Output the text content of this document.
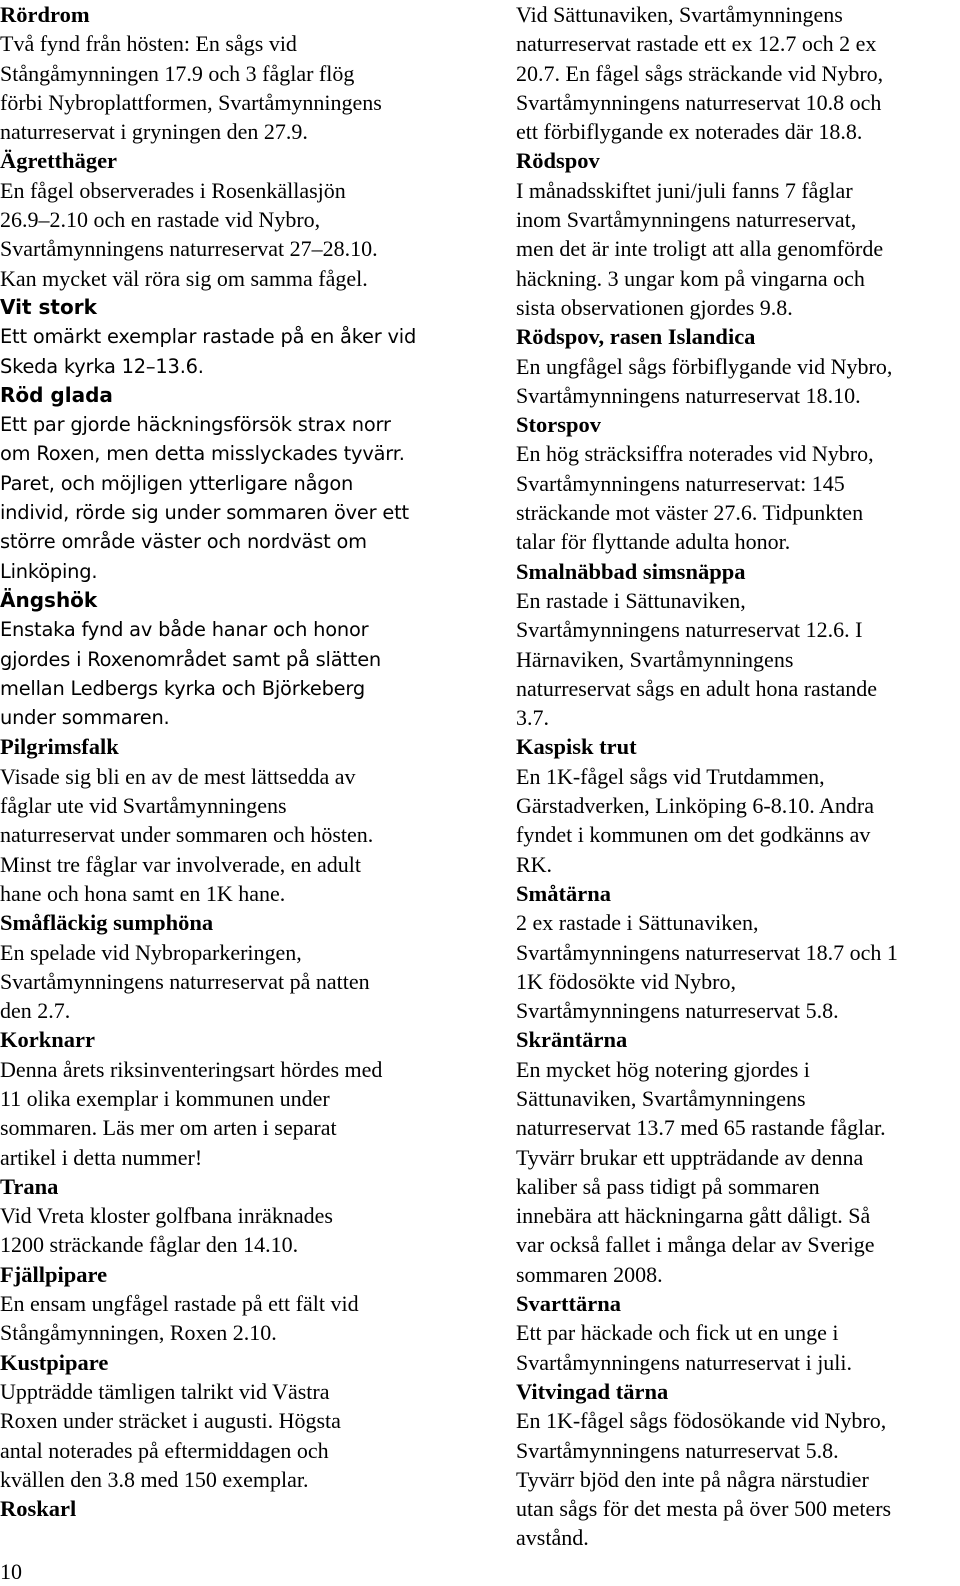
Rördrom

Två fynd från hösten: En sågs vid
Stångåmynningen 17.9 och 3 fåglar flög
förbi Nybroplattformen, Svartåmynningens
naturreservat i gryningen den 27.9.

Ägretthäger

En fågel observerades i Rosenkällasjön
26.9–2.10 och en rastade vid Nybro,
Svartåmynningens naturreservat 27–28.10.
Kan mycket väl röra sig om samma fågel.

Vit stork

Ett omärkt exemplar rastade på en åker vid
Skeda kyrka 12–13.6.

Röd glada

Ett par gjorde häckningsförsök strax norr
om Roxen, men detta misslyckades tyvärr.
Paret, och möjligen ytterligare någon
individ, rörde sig under sommaren över ett
större område väster och nordväst om
Linköping.

Ängshök

Enstaka fynd av både hanar och honor
gjordes i Roxenområdet samt på slätten
mellan Ledbergs kyrka och Björkeberg
under sommaren.

Pilgrimsfalk

Visade sig bli en av de mest lättsedda av
fåglar ute vid Svartåmynningens
naturreservat under sommaren och hösten.
Minst tre fåglar var involverade, en adult
hane och hona samt en 1K hane.

Småfläckig sumphöna

En spelade vid Nybroparkeringen,
Svartåmynningens naturreservat på natten
den 2.7.

Korknarr

Denna årets riksinventeringsart hördes med
11 olika exemplar i kommunen under
sommaren. Läs mer om arten i separat
artikel i detta nummer!

Trana

Vid Vreta kloster golfbana inräknades
1200 sträckande fåglar den 14.10.

Fjällpipare

En ensam ungfågel rastade på ett fält vid
Stångåmynningen, Roxen 2.10.

Kustpipare

Uppträdde tämligen talrikt vid Västra
Roxen under sträcket i augusti. Högsta
antal noterades på eftermiddagen och
kvällen den 3.8 med 150 exemplar.

Roskarl

Vid Sättunaviken, Svartåmynningens
naturreservat rastade ett ex 12.7 och 2 ex
20.7. En fågel sågs sträckande vid Nybro,
Svartåmynningens naturreservat 10.8 och
ett förbiflygande ex noterades där 18.8.

Rödspov

I månadsskiftet juni/juli fanns 7 fåglar
inom Svartåmynningens naturreservat,
men det är inte troligt att alla genomförde
häckning. 3 ungar kom på vingarna och
sista observationen gjordes 9.8.

Rödspov, rasen Islandica

En ungfågel sågs förbiflygande vid Nybro,
Svartåmynningens naturreservat 18.10.

Storspov

En hög sträcksiffra noterades vid Nybro,
Svartåmynningens naturreservat: 145
sträckande mot väster 27.6. Tidpunkten
talar för flyttande adulta honor.

Smalnäbbad simsnäppa

En rastade i Sättunaviken,
Svartåmynningens naturreservat 12.6. I
Härnaviken, Svartåmynningens
naturreservat sågs en adult hona rastande
3.7.

Kaspisk trut

En 1K-fågel sågs vid Trutdammen,
Gärstadverken, Linköping 6-8.10. Andra
fyndet i kommunen om det godkänns av
RK.

Småtärna

2 ex rastade i Sättunaviken,
Svartåmynningens naturreservat 18.7 och 1
1K födosökte vid Nybro,
Svartåmynningens naturreservat 5.8.

Skräntärna

En mycket hög notering gjordes i
Sättunaviken, Svartåmynningens
naturreservat 13.7 med 65 rastande fåglar.
Tyvärr brukar ett uppträdande av denna
kaliber så pass tidigt på sommaren
innebära att häckningarna gått dåligt. Så
var också fallet i många delar av Sverige
sommaren 2008.

Svarttärna

Ett par häckade och fick ut en unge i
Svartåmynningens naturreservat i juli.

Vitvingad tärna

En 1K-fågel sågs födosökande vid Nybro,
Svartåmynningens naturreservat 5.8.
Tyvärr bjöd den inte på några närstudier
utan sågs för det mesta på över 500 meters
avstånd.

10
